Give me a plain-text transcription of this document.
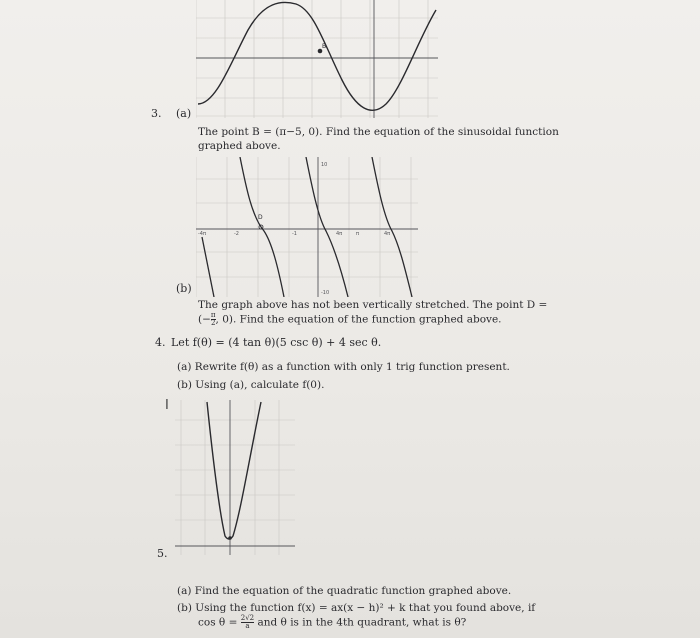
B
3. (a)
The point B = (π−5, 0). Find the equation of the sinusoidal function
graphed above.
D
-4π	-2	-1	4π	π	4π
10
-10
(b)
The graph above has not been vertically stretched. The point D =
(− $\frac{\pi}{2}$ , 0). Find the equation of the function graphed above.
4. Let f(θ) = (4 tan θ)(5 csc θ) + 4 sec θ.
(a) Rewrite f(θ) as a function with only 1 trig function present.
(b) Using (a), calculate f(0).
I
5.
(a) Find the equation of the quadratic function graphed above.
(b) Using the function f(x) = ax(x − h)² + k that you found above, if
$\cos \theta = \frac{2√2}{a}$ and θ is in the 4th quadrant, what is θ?
